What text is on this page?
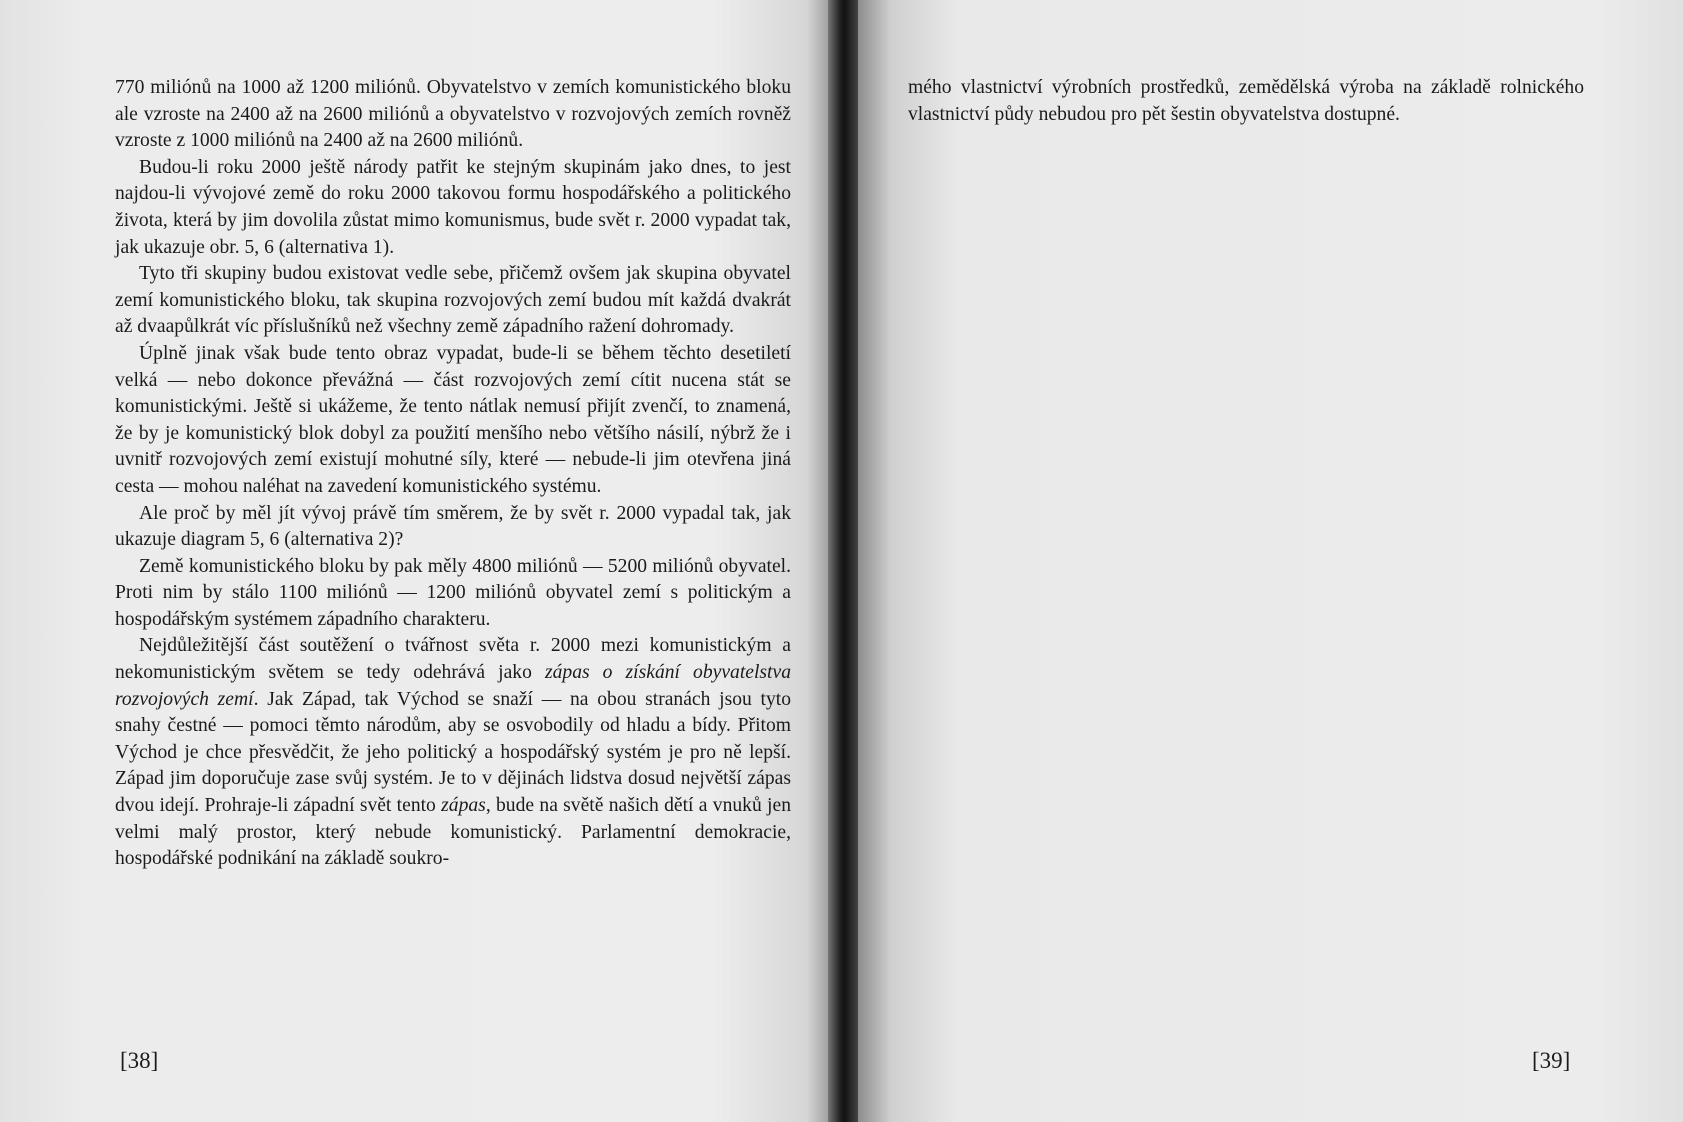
770 miliónů na 1000 až 1200 miliónů. Obyvatelstvo v zemích komunistického bloku ale vzroste na 2400 až na 2600 miliónů a obyvatelstvo v rozvojových zemích rovněž vzroste z 1000 miliónů na 2400 až na 2600 miliónů.

Budou-li roku 2000 ještě národy patřit ke stejným skupinám jako dnes, to jest najdou-li vývojové země do roku 2000 takovou formu hospodářského a politického života, která by jim dovolila zůstat mimo komunismus, bude svět r. 2000 vypadat tak, jak ukazuje obr. 5, 6 (alternativa 1).

Tyto tři skupiny budou existovat vedle sebe, přičemž ovšem jak skupina obyvatel zemí komunistického bloku, tak skupina rozvojových zemí budou mít každá dvakrát až dvaapůlkrát víc příslušníků než všechny země západního ražení dohromady.

Úplně jinak však bude tento obraz vypadat, bude-li se během těchto desetiletí velká — nebo dokonce převážná — část rozvojových zemí cítit nucena stát se komunistickými. Ještě si ukážeme, že tento nátlak nemusí přijít zvenčí, to znamená, že by je komunistický blok dobyl za použití menšího nebo většího násilí, nýbrž že i uvnitř rozvojových zemí existují mohutné síly, které — nebude-li jim otevřena jiná cesta — mohou naléhat na zavedení komunistického systému.

Ale proč by měl jít vývoj právě tím směrem, že by svět r. 2000 vypadal tak, jak ukazuje diagram 5, 6 (alternativa 2)?

Země komunistického bloku by pak měly 4800 miliónů — 5200 miliónů obyvatel. Proti nim by stálo 1100 miliónů — 1200 miliónů obyvatel zemí s politickým a hospodářským systémem západního charakteru.

Nejdůležitější část soutěžení o tvářnost světa r. 2000 mezi komunistickým a nekomunistickým světem se tedy odehrává jako zápas o získání obyvatelstva rozvojových zemí. Jak Západ, tak Východ se snaží — na obou stranách jsou tyto snahy čestné — pomoci těmto národům, aby se osvobodily od hladu a bídy. Přitom Východ je chce přesvědčit, že jeho politický a hospodářský systém je pro ně lepší. Západ jim doporučuje zase svůj systém. Je to v dějinách lidstva dosud největší zápas dvou idejí. Prohraje-li západní svět tento zápas, bude na světě našich dětí a vnuků jen velmi malý prostor, který nebude komunistický. Parlamentní demokracie, hospodářské podnikání na základě soukro-

[38]

mého vlastnictví výrobních prostředků, zemědělská výroba na základě rolnického vlastnictví půdy nebudou pro pět šestin obyvatelstva dostupné.

[39]
